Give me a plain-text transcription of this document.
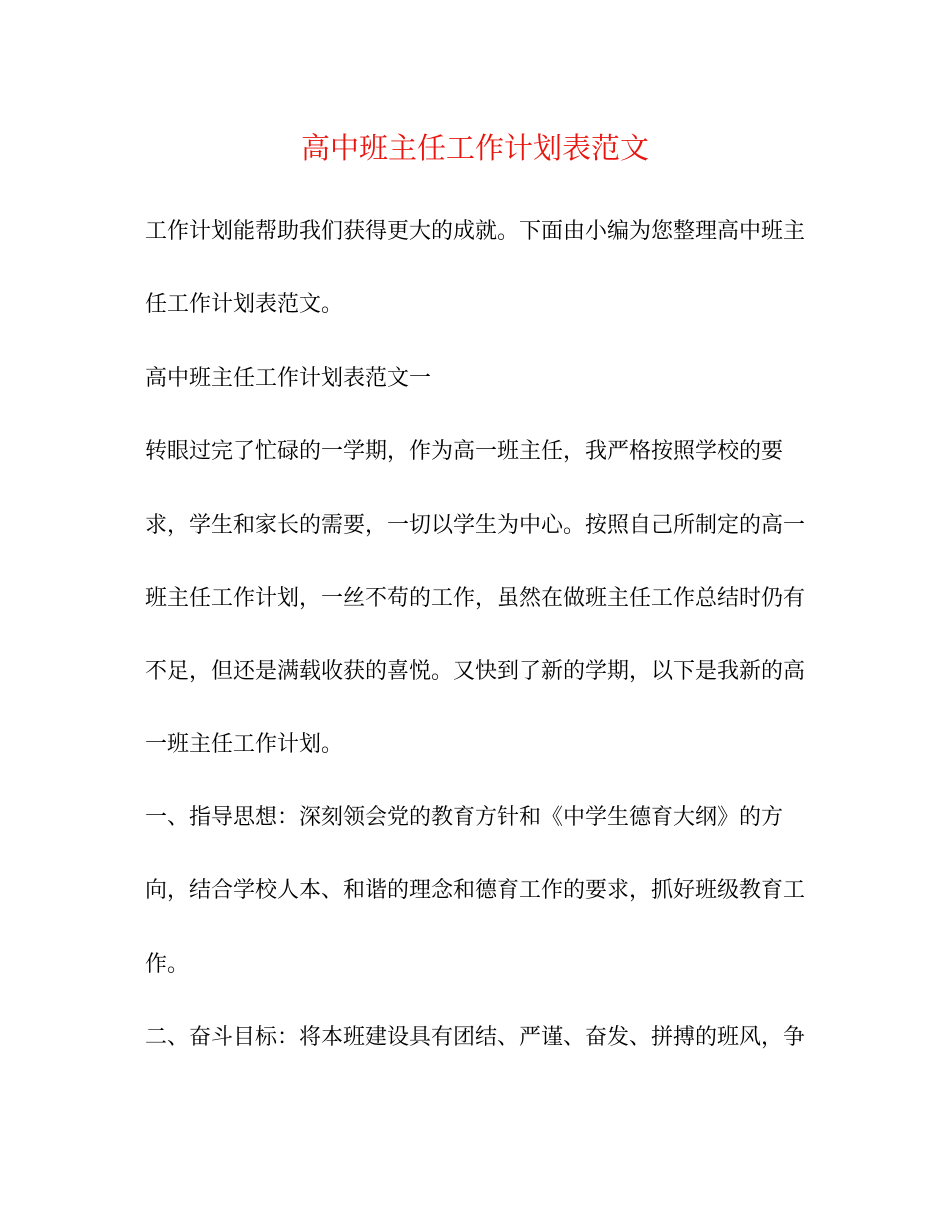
高中班主任工作计划表范文
工作计划能帮助我们获得更大的成就。下面由小编为您整理高中班主
任工作计划表范文。
高中班主任工作计划表范文一
转眼过完了忙碌的一学期，作为高一班主任，我严格按照学校的要
求，学生和家长的需要，一切以学生为中心。按照自己所制定的高一
班主任工作计划，一丝不苟的工作，虽然在做班主任工作总结时仍有
不足，但还是满载收获的喜悦。又快到了新的学期，以下是我新的高
一班主任工作计划。
一、指导思想：深刻领会党的教育方针和《中学生德育大纲》的方
向，结合学校人本、和谐的理念和德育工作的要求，抓好班级教育工
作。
二、奋斗目标：将本班建设具有团结、严谨、奋发、拼搏的班风，争
